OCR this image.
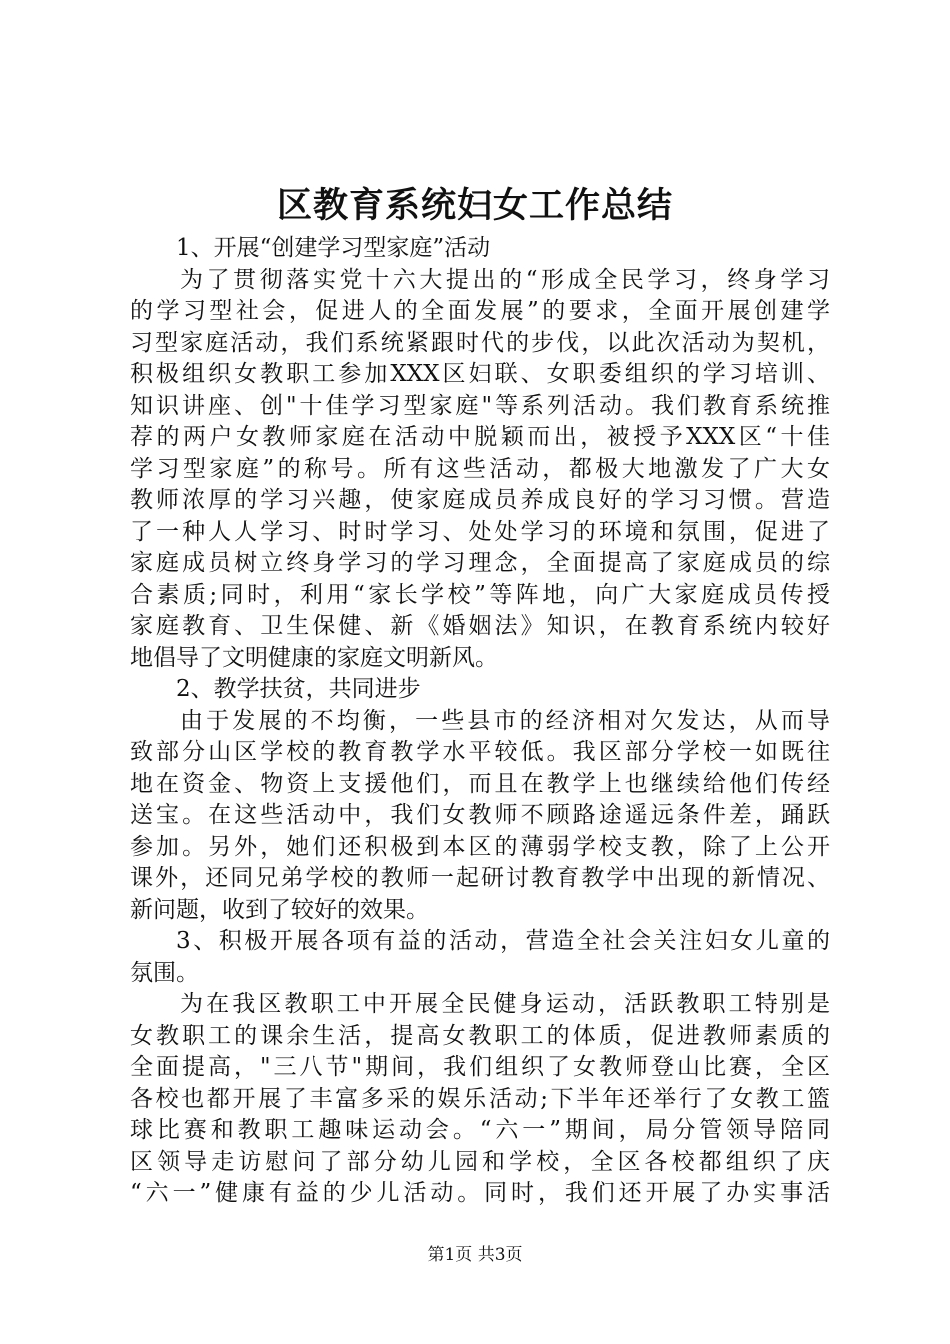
区教育系统妇女工作总结
1、开展“创建学习型家庭”活动
为了贯彻落实党十六大提出的“形成全民学习，终身学习
的学习型社会，促进人的全面发展”的要求，全面开展创建学
习型家庭活动，我们系统紧跟时代的步伐，以此次活动为契机，
积极组织女教职工参加XXX区妇联、女职委组织的学习培训、
知识讲座、创"十佳学习型家庭"等系列活动。我们教育系统推
荐的两户女教师家庭在活动中脱颖而出，被授予XXX区“十佳
学习型家庭”的称号。所有这些活动，都极大地激发了广大女
教师浓厚的学习兴趣，使家庭成员养成良好的学习习惯。营造
了一种人人学习、时时学习、处处学习的环境和氛围，促进了
家庭成员树立终身学习的学习理念，全面提高了家庭成员的综
合素质;同时，利用“家长学校”等阵地，向广大家庭成员传授
家庭教育、卫生保健、新《婚姻法》知识，在教育系统内较好
地倡导了文明健康的家庭文明新风。
2、教学扶贫，共同进步
由于发展的不均衡，一些县市的经济相对欠发达，从而导
致部分山区学校的教育教学水平较低。我区部分学校一如既往
地在资金、物资上支援他们，而且在教学上也继续给他们传经
送宝。在这些活动中，我们女教师不顾路途遥远条件差，踊跃
参加。另外，她们还积极到本区的薄弱学校支教，除了上公开
课外，还同兄弟学校的教师一起研讨教育教学中出现的新情况、
新问题，收到了较好的效果。
3、积极开展各项有益的活动，营造全社会关注妇女儿童的
氛围。
为在我区教职工中开展全民健身运动，活跃教职工特别是
女教职工的课余生活，提高女教职工的体质，促进教师素质的
全面提高，"三八节"期间，我们组织了女教师登山比赛，全区
各校也都开展了丰富多采的娱乐活动;下半年还举行了女教工篮
球比赛和教职工趣味运动会。“六一”期间，局分管领导陪同
区领导走访慰问了部分幼儿园和学校，全区各校都组织了庆
“六一”健康有益的少儿活动。同时，我们还开展了办实事活
第1页 共3页
